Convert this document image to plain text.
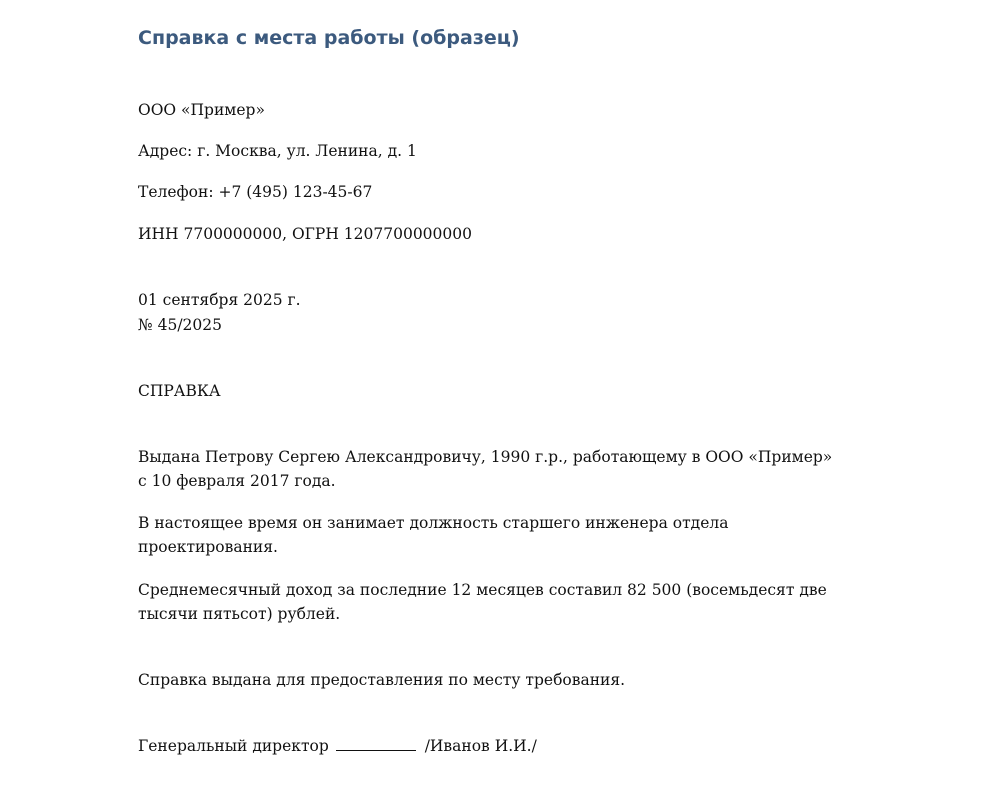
Справка с места работы (образец)

ООО «Пример»

Адрес: г. Москва, ул. Ленина, д. 1

Телефон: +7 (495) 123-45-67

ИНН 7700000000, ОГРН 1207700000000

01 сентября 2025 г.

№ 45/2025

СПРАВКА

Выдана Петрову Сергею Александровичу, 1990 г.р., работающему в ООО «Пример» с 10 февраля 2017 года.

В настоящее время он занимает должность старшего инженера отдела проектирования.

Среднемесячный доход за последние 12 месяцев составил 82 500 (восемьдесят две тысячи пятьсот) рублей.

Справка выдана для предоставления по месту требования.

Генеральный директор	/Иванов И.И./
